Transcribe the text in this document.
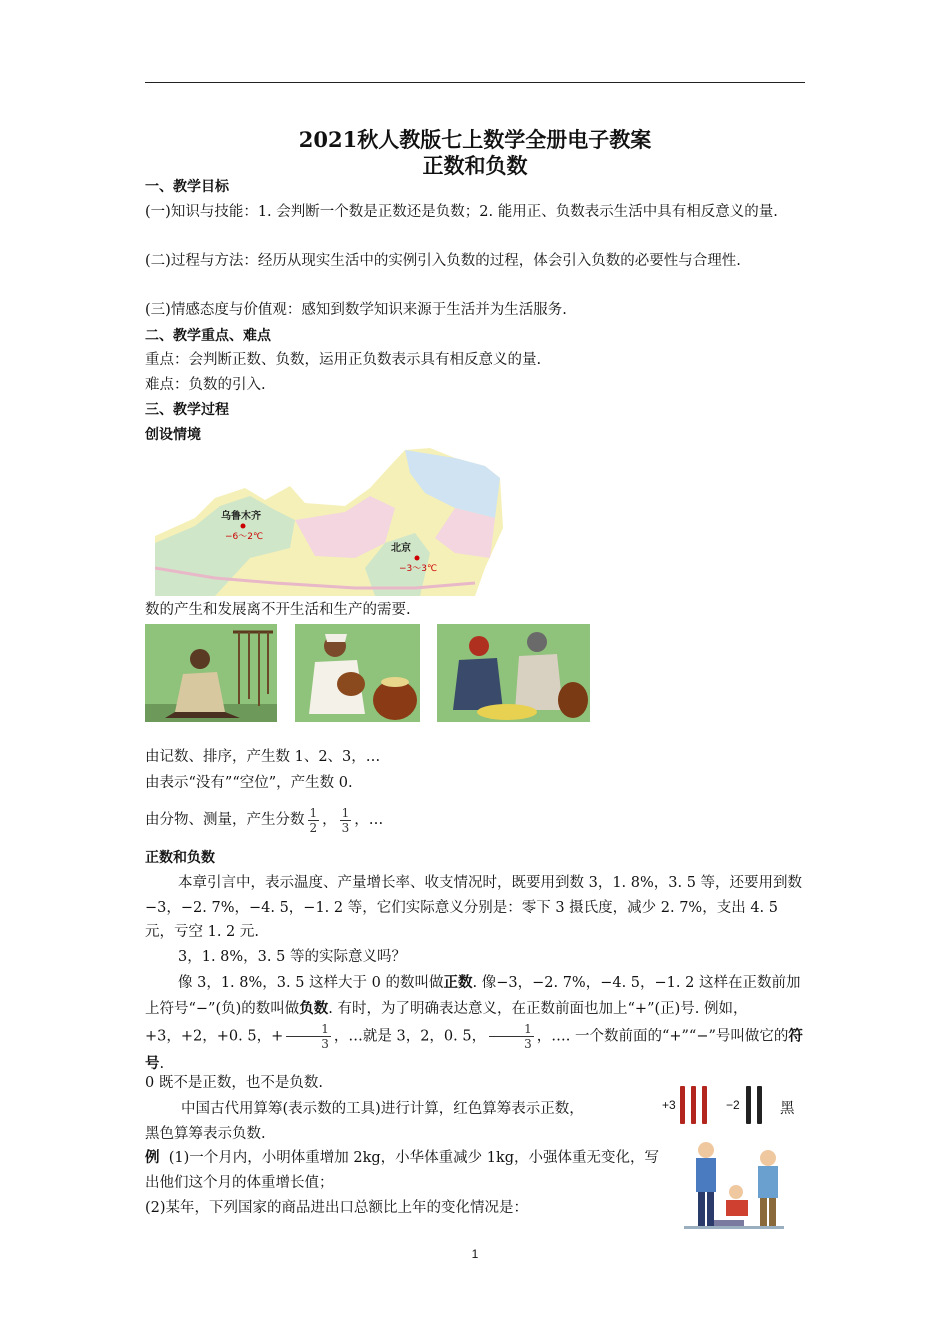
2021秋人教版七上数学全册电子教案
正数和负数
一、教学目标
(一)知识与技能：1. 会判断一个数是正数还是负数；2. 能用正、负数表示生活中具有相反意义的量.
(二)过程与方法：经历从现实生活中的实例引入负数的过程，体会引入负数的必要性与合理性.
(三)情感态度与价值观：感知到数学知识来源于生活并为生活服务.
二、教学重点、难点
重点：会判断正数、负数，运用正负数表示具有相反意义的量.
难点：负数的引入.
三、教学过程
创设情境
乌鲁木齐
−6～2℃
北京
−3～3℃
数的产生和发展离不开生活和生产的需要.
由记数、排序，产生数 1、2、3，…
由表示“没有”“空位”，产生数 0.
由分物、测量，产生分数 $\frac{1}{2}$ ， $\frac{1}{3}$ ，…
正数和负数
本章引言中，表示温度、产量增长率、收支情况时，既要用到数 3，1. 8%，3. 5 等，还要用到数−3，−2. 7%，−4. 5，−1. 2 等，它们实际意义分别是：零下 3 摄氏度，减少 2. 7%，支出 4. 5 元，亏空 1. 2 元.
3，1. 8%，3. 5 等的实际意义吗？
像 3，1. 8%，3. 5 这样大于 0 的数叫做正数. 像−3，−2. 7%，−4. 5，−1. 2 这样在正数前加上符号“−”(负)的数叫做负数. 有时，为了明确表达意义，在正数前面也加上“+”(正)号. 例如，+3，+2，+0. 5，+ $\frac{1}{3}$ ，…就是 3，2，0. 5， $\frac{1}{3}$ ，…. 一个数前面的“+”“−”号叫做它的符号.
0 既不是正数，也不是负数.
中国古代用算筹(表示数的工具)进行计算，红色算筹表示正数，	+3	−2	黑
黑色算筹表示负数.
例 (1)一个月内，小明体重增加 2kg，小华体重减少 1kg，小强体重无变化，写出他们这个月的体重增长值；
(2)某年，下列国家的商品进出口总额比上年的变化情况是：
1
